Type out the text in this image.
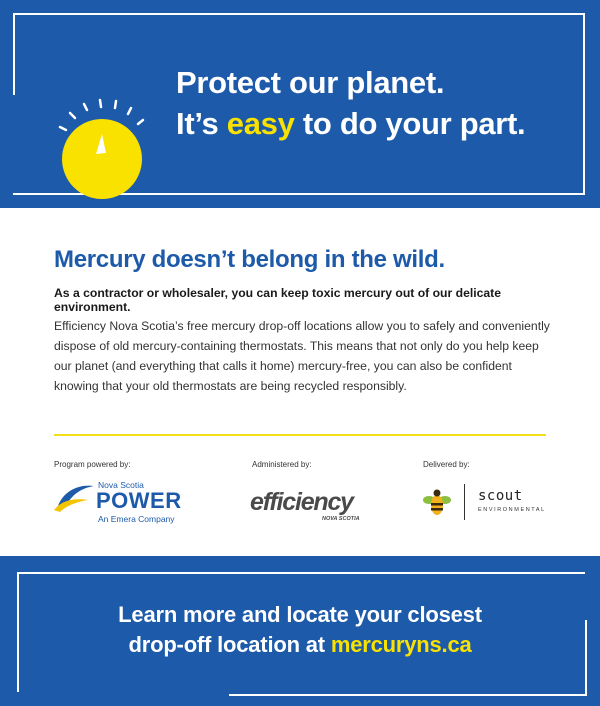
Protect our planet.
It’s easy to do your part.
Mercury doesn’t belong in the wild.
As a contractor or wholesaler, you can keep toxic mercury out of our delicate environment.
Efficiency Nova Scotia’s free mercury drop-off locations allow you to safely and conveniently dispose of old mercury-containing thermostats. This means that not only do you help keep our planet (and everything that calls it home) mercury-free, you can also be confident knowing that your old thermostats are being recycled responsibly.
Program powered by:	Administered by:	Delivered by:
Nova Scotia
POWER
An Emera Company
efficiency
NOVA SCOTIA
scout
ENVIRONMENTAL
Learn more and locate your closest
drop-off location at mercuryns.ca
